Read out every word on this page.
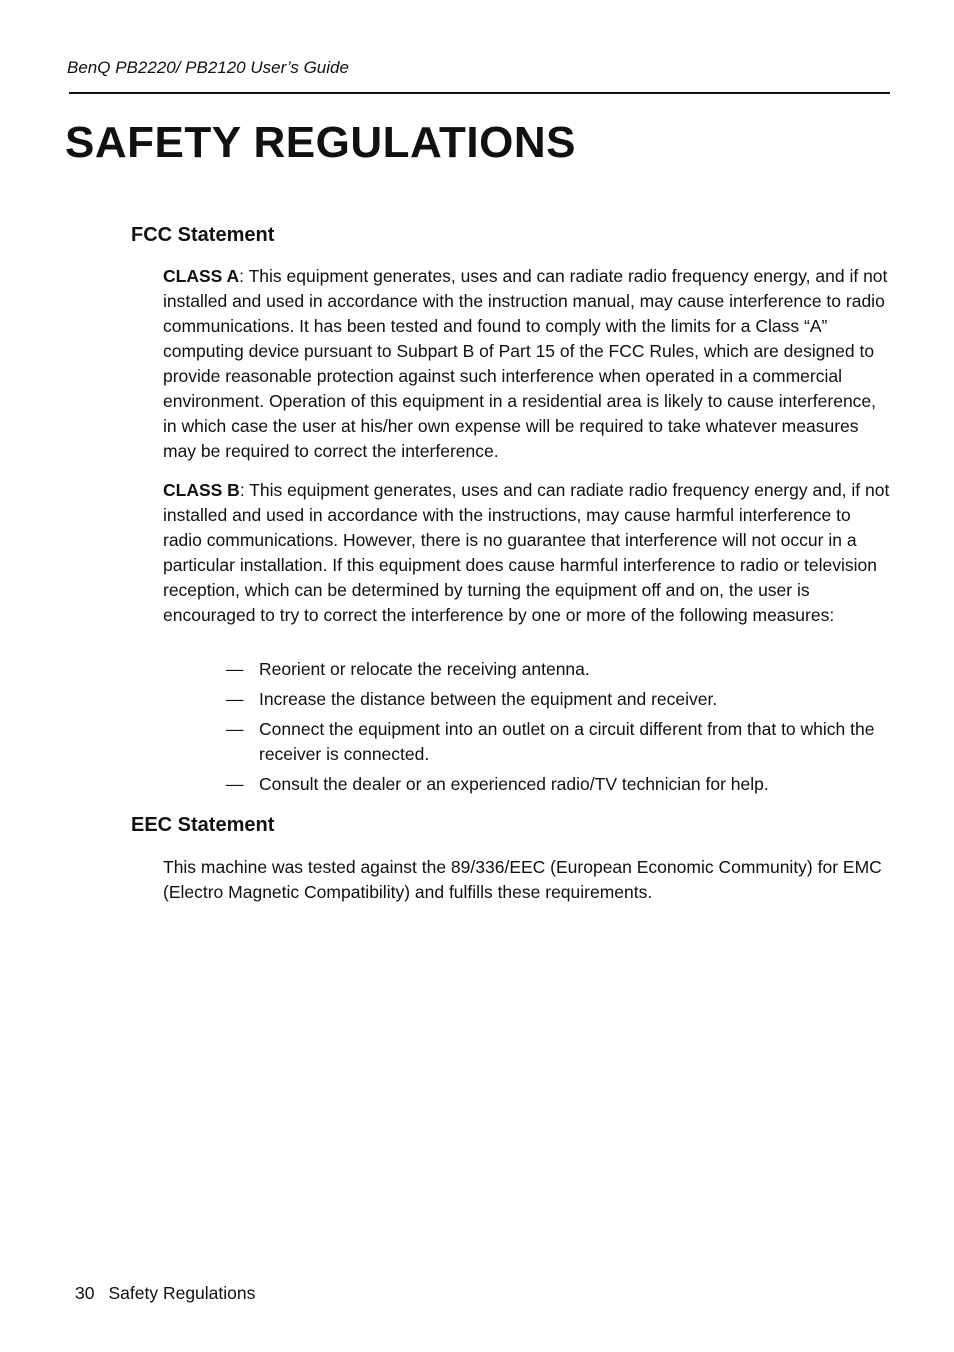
BenQ PB2220/ PB2120 User’s Guide
SAFETY REGULATIONS
FCC Statement

CLASS A: This equipment generates, uses and can radiate radio frequency energy, and if not installed and used in accordance with the instruction manual, may cause interference to radio communications. It has been tested and found to comply with the limits for a Class “A” computing device pursuant to Subpart B of Part 15 of the FCC Rules, which are designed to provide reasonable protection against such interference when operated in a commercial environment. Operation of this equipment in a residential area is likely to cause interference, in which case the user at his/her own expense will be required to take whatever measures may be required to correct the interference.

CLASS B: This equipment generates, uses and can radiate radio frequency energy and, if not installed and used in accordance with the instructions, may cause harmful interference to radio communications. However, there is no guarantee that interference will not occur in a particular installation. If this equipment does cause harmful interference to radio or television reception, which can be determined by turning the equipment off and on, the user is encouraged to try to correct the interference by one or more of the following measures:

— Reorient or relocate the receiving antenna.
— Increase the distance between the equipment and receiver.
— Connect the equipment into an outlet on a circuit different from that to which the receiver is connected.
— Consult the dealer or an experienced radio/TV technician for help.
EEC Statement

This machine was tested against the 89/336/EEC (European Economic Community) for EMC (Electro Magnetic Compatibility) and fulfills these requirements.

30 Safety Regulations
